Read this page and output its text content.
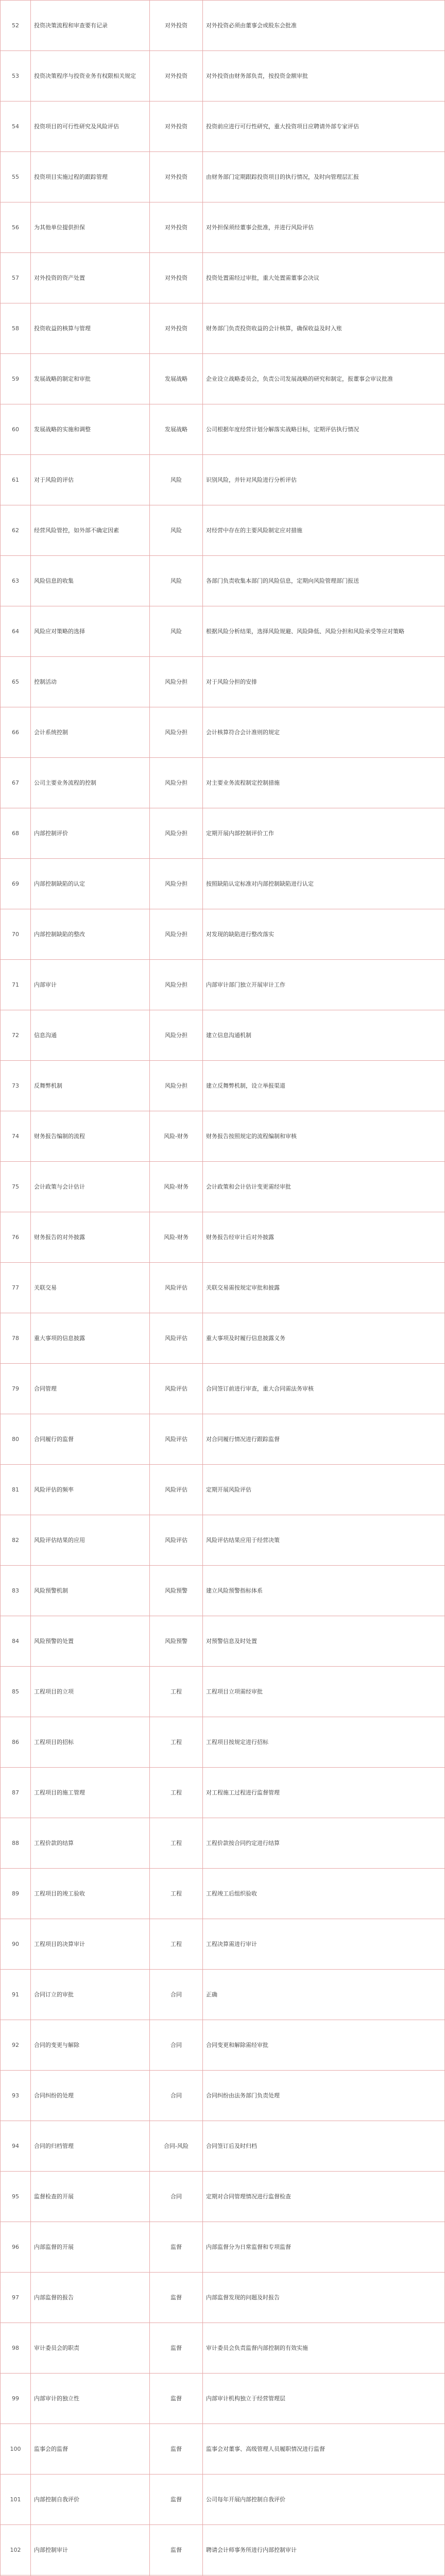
52	投资决策流程和审查要有记录	对外投资	对外投资必须由董事会或股东会批准
53	投资决策程序与投资业务有权限相关规定	对外投资	对外投资由财务部负责，按投资金额审批
54	投资项目的可行性研究及风险评估	对外投资	投资前应进行可行性研究，重大投资项目应聘请外部专家评估
55	投资项目实施过程的跟踪管理	对外投资	由财务部门定期跟踪投资项目的执行情况，及时向管理层汇报
56	为其他单位提供担保	对外投资	对外担保须经董事会批准，并进行风险评估
57	对外投资的资产处置	对外投资	投资处置需经过审批，重大处置需董事会决议
58	投资收益的核算与管理	对外投资	财务部门负责投资收益的会计核算，确保收益及时入账
59	发展战略的制定和审批	发展战略	企业设立战略委员会，负责公司发展战略的研究和制定，报董事会审议批准
60	发展战略的实施和调整	发展战略	公司根据年度经营计划分解落实战略目标，定期评估执行情况
61	对于风险的评估	风险	识别风险，并针对风险进行分析评估
62	经营风险管控，如外部不确定因素	风险	对经营中存在的主要风险制定应对措施
63	风险信息的收集	风险	各部门负责收集本部门的风险信息，定期向风险管理部门报送
64	风险应对策略的选择	风险	根据风险分析结果，选择风险规避、风险降低、风险分担和风险承受等应对策略
65	控制活动	风险分担	对于风险分担的安排
66	会计系统控制	风险分担	会计核算符合会计准则的规定
67	公司主要业务流程的控制	风险分担	对主要业务流程制定控制措施
68	内部控制评价	风险分担	定期开展内部控制评价工作
69	内部控制缺陷的认定	风险分担	按照缺陷认定标准对内部控制缺陷进行认定
70	内部控制缺陷的整改	风险分担	对发现的缺陷进行整改落实
71	内部审计	风险分担	内部审计部门独立开展审计工作
72	信息沟通	风险分担	建立信息沟通机制
73	反舞弊机制	风险分担	建立反舞弊机制，设立举报渠道
74	财务报告编制的流程	风险-财务	财务报告按照规定的流程编制和审核
75	会计政策与会计估计	风险-财务	会计政策和会计估计变更需经审批
76	财务报告的对外披露	风险-财务	财务报告经审计后对外披露
77	关联交易	风险评估	关联交易需按规定审批和披露
78	重大事项的信息披露	风险评估	重大事项及时履行信息披露义务
79	合同管理	风险评估	合同签订前进行审查，重大合同需法务审核
80	合同履行的监督	风险评估	对合同履行情况进行跟踪监督
81	风险评估的频率	风险评估	定期开展风险评估
82	风险评估结果的应用	风险评估	风险评估结果应用于经营决策
83	风险预警机制	风险预警	建立风险预警指标体系
84	风险预警的处置	风险预警	对预警信息及时处置
85	工程项目的立项	工程	工程项目立项需经审批
86	工程项目的招标	工程	工程项目按规定进行招标
87	工程项目的施工管理	工程	对工程施工过程进行监督管理
88	工程价款的结算	工程	工程价款按合同约定进行结算
89	工程项目的竣工验收	工程	工程竣工后组织验收
90	工程项目的决算审计	工程	工程决算需进行审计
91	合同订立的审批	合同	正确
92	合同的变更与解除	合同	合同变更和解除需经审批
93	合同纠纷的处理	合同	合同纠纷由法务部门负责处理
94	合同的归档管理	合同-风险	合同签订后及时归档
95	监督检查的开展	合同	定期对合同管理情况进行监督检查
96	内部监督的开展	监督	内部监督分为日常监督和专项监督
97	内部监督的报告	监督	内部监督发现的问题及时报告
98	审计委员会的职责	监督	审计委员会负责监督内部控制的有效实施
99	内部审计的独立性	监督	内部审计机构独立于经营管理层
100	监事会的监督	监督	监事会对董事、高级管理人员履职情况进行监督
101	内部控制自我评价	监督	公司每年开展内部控制自我评价
102	内部控制审计	监督	聘请会计师事务所进行内部控制审计
